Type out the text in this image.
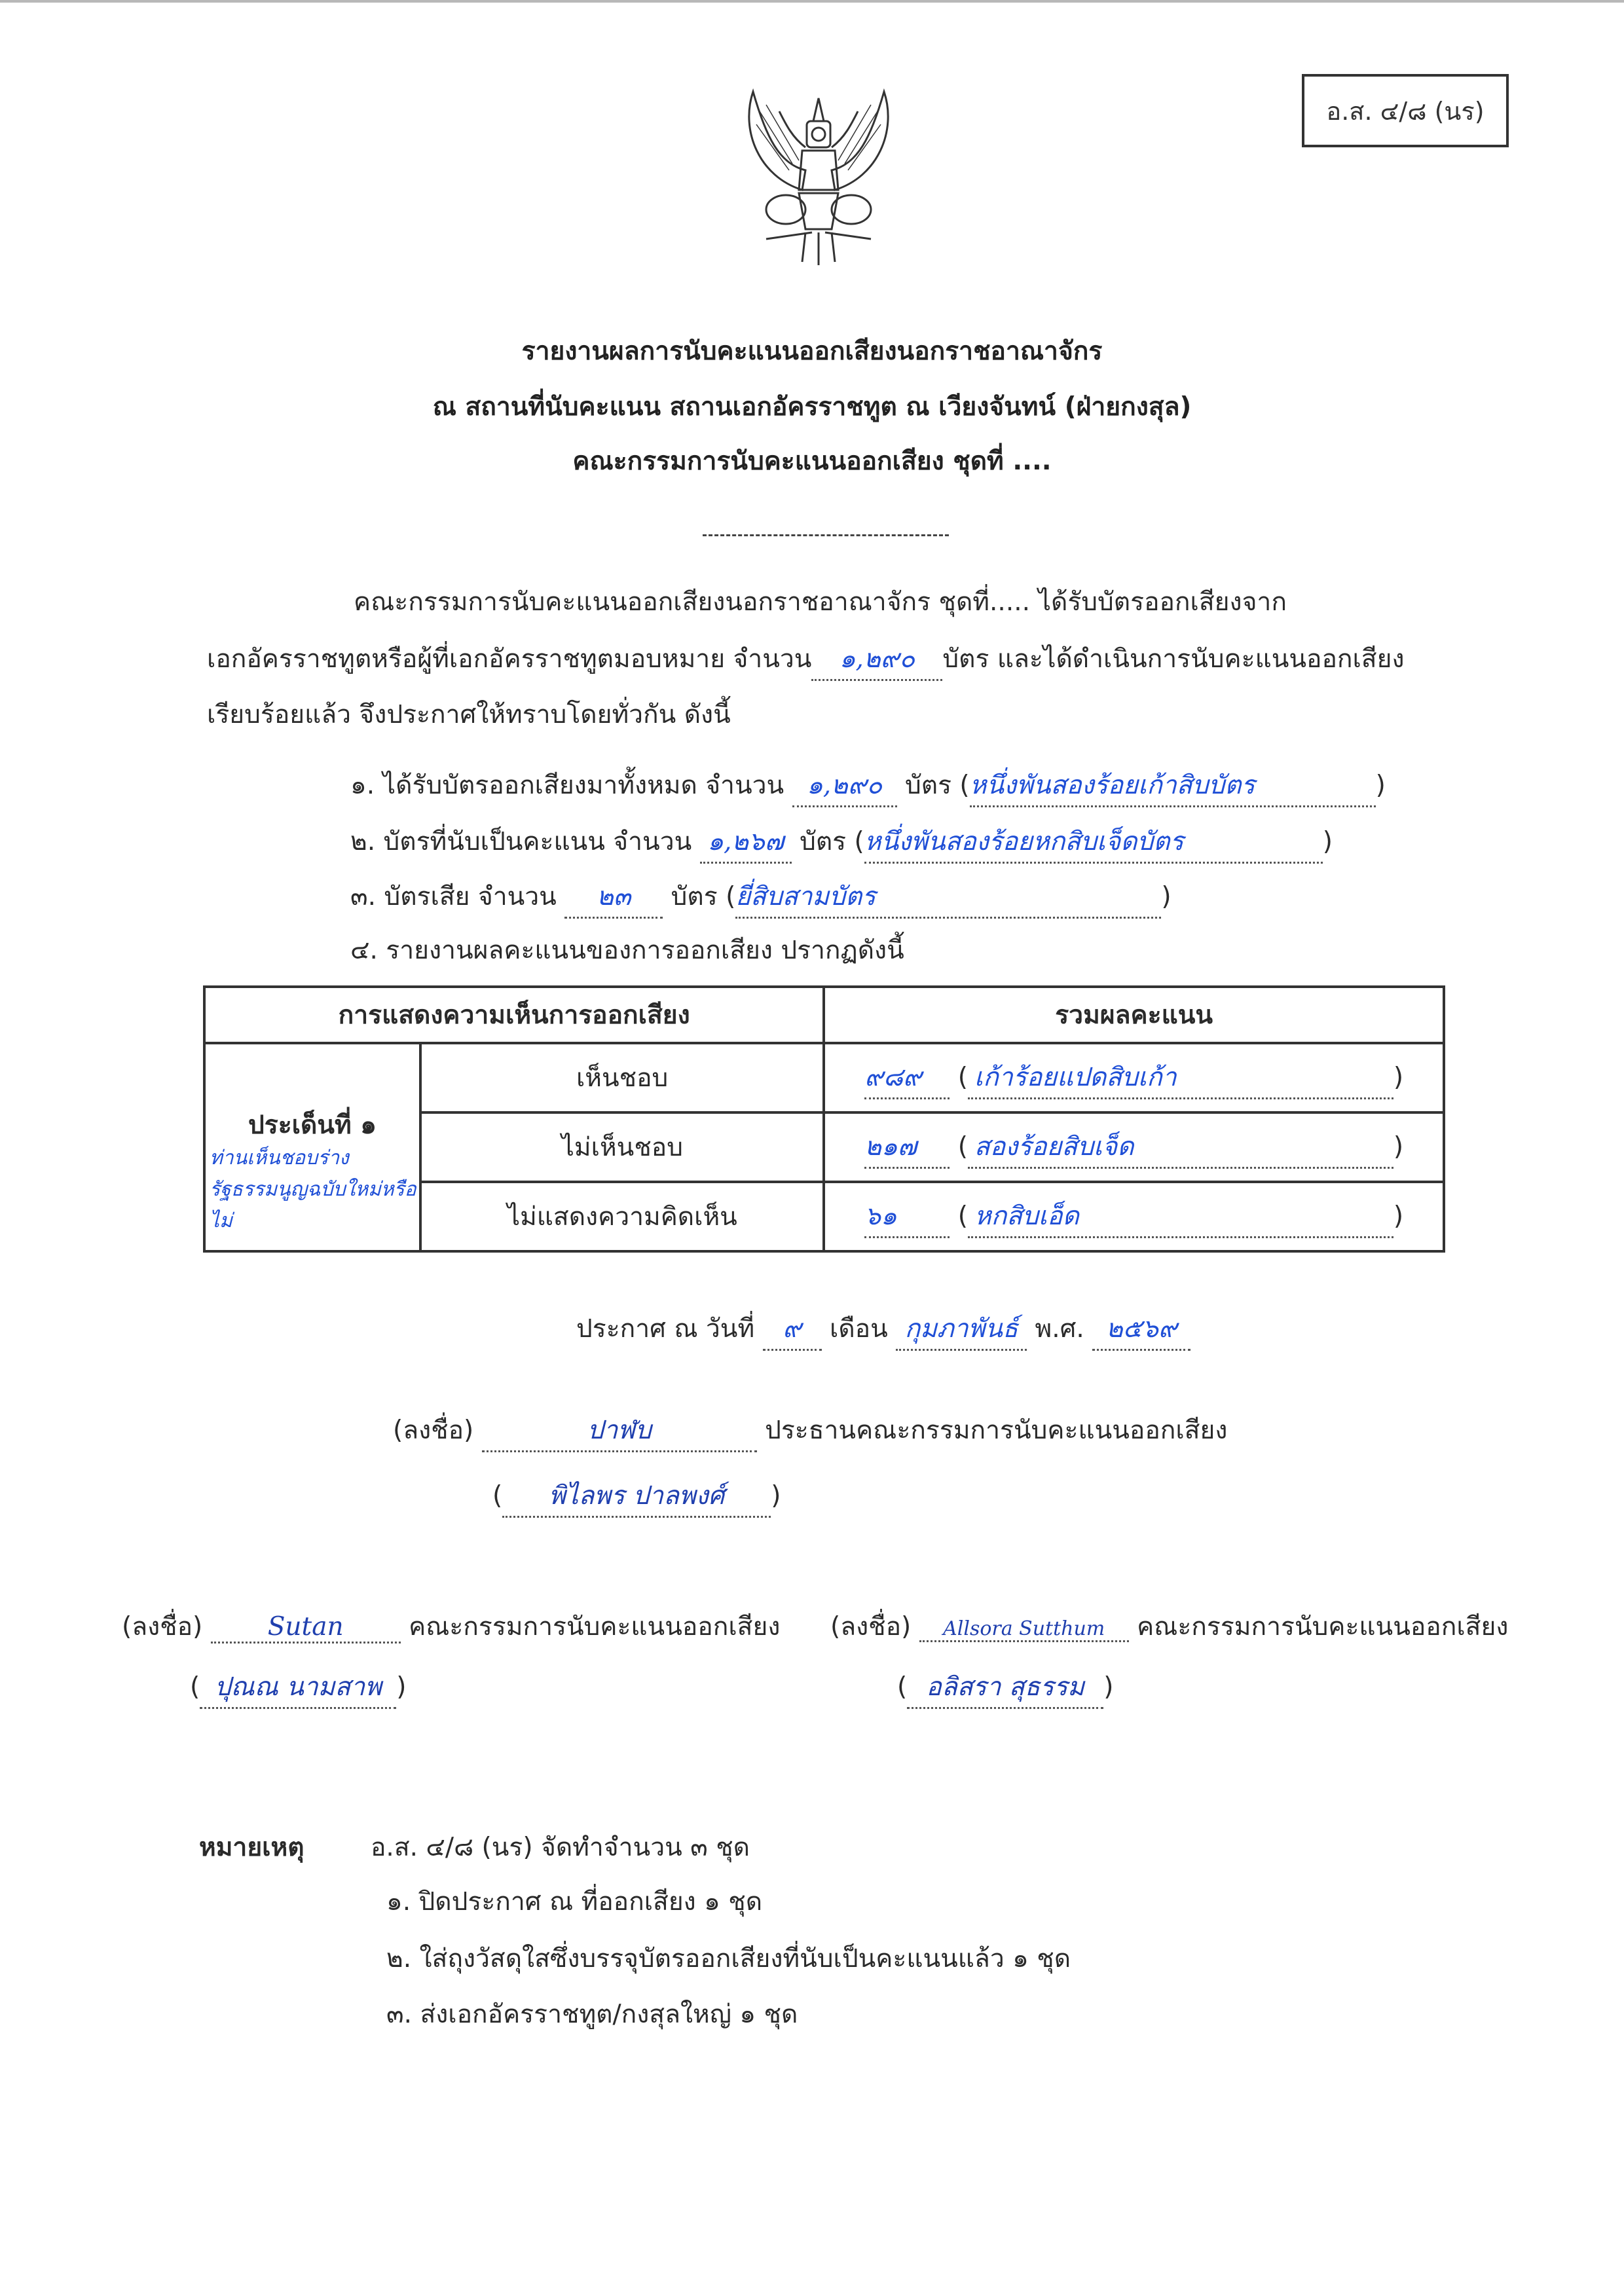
อ.ส. ๔/๘ (นร)
รายงานผลการนับคะแนนออกเสียงนอกราชอาณาจักร
ณ สถานที่นับคะแนน สถานเอกอัครราชทูต ณ เวียงจันทน์ (ฝ่ายกงสุล)
คณะกรรมการนับคะแนนออกเสียง ชุดที่ ....
คณะกรรมการนับคะแนนออกเสียงนอกราชอาณาจักร ชุดที่..... ได้รับบัตรออกเสียงจาก
เอกอัครราชทูตหรือผู้ที่เอกอัครราชทูตมอบหมาย จำนวน ๑,๒๙๐ บัตร และได้ดำเนินการนับคะแนนออกเสียง
เรียบร้อยแล้ว จึงประกาศให้ทราบโดยทั่วกัน ดังนี้
๑. ได้รับบัตรออกเสียงมาทั้งหมด จำนวน ๑,๒๙๐ บัตร (หนึ่งพันสองร้อยเก้าสิบบัตร	)
๒. บัตรที่นับเป็นคะแนน จำนวน ๑,๒๖๗ บัตร (หนึ่งพันสองร้อยหกสิบเจ็ดบัตร	)
๓. บัตรเสีย จำนวน ๒๓ บัตร (ยี่สิบสามบัตร	)
๔. รายงานผลคะแนนของการออกเสียง ปรากฏดังนี้
การแสดงความเห็นการออกเสียง		รวมผลคะแนน

ประเด็นที่ ๑
ท่านเห็นชอบร่างรัฐธรรมนูญฉบับใหม่หรือไม่	เห็นชอบ	๙๘๙ ( เก้าร้อยแปดสิบเก้า )
	ไม่เห็นชอบ	๒๑๗ ( สองร้อยสิบเจ็ด )
	ไม่แสดงความคิดเห็น	๖๑ ( หกสิบเอ็ด )
ประกาศ ณ วันที่ ๙ เดือน กุมภาพันธ์ พ.ศ. ๒๕๖๙
(ลงชื่อ)	ปาฬบ	ประธานคณะกรรมการนับคะแนนออกเสียง
( พิไลพร ปาลพงศ์ )
(ลงชื่อ)	Sutan	คณะกรรมการนับคะแนนออกเสียง
( ปุณณ นามสาพ )
(ลงชื่อ) Allsora Sutthum คณะกรรมการนับคะแนนออกเสียง
( อลิสรา สุธรรม )
หมายเหตุ	อ.ส. ๔/๘ (นร) จัดทำจำนวน ๓ ชุด
๑. ปิดประกาศ ณ ที่ออกเสียง ๑ ชุด
๒. ใส่ถุงวัสดุใสซึ่งบรรจุบัตรออกเสียงที่นับเป็นคะแนนแล้ว ๑ ชุด
๓. ส่งเอกอัครราชทูต/กงสุลใหญ่ ๑ ชุด
